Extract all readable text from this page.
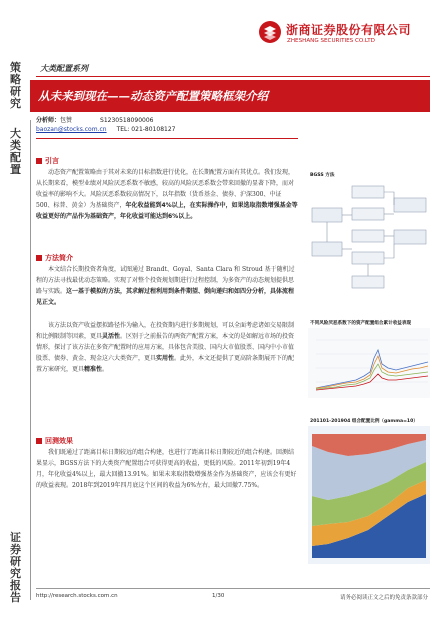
浙商证券股份有限公司
ZHESHANG SECURITIES CO.LTD
策略研究
大类配置系列
从未来到现在——动态资产配置策略框架介绍
分析师：包赞	S1230518090006
baozan@stocks.com.cn TEL: 021-80108127
大类配置
引言
动态资产配置策略由于其对未来的目标指数进行优化，在长期配置方面有其优点。我们发现，从长期来看，模型业绩对风险厌恶系数不敏感，较高的风险厌恶系数会带来回撤的显著下降，而对收益率的影响不大。风险厌恶系数较高情况下，以年指数（货币基金、债券、沪深300、中证500、标普、黄金）为基础资产，年化收益能到4%以上，在实际操作中，如果选取指数增强基金等收益更好的产品作为基础资产，年化收益可能达到6%以上。
方法简介
本文结合长期投资者角度，试图通过 Brandt、Goyal、Santa Clara 和 Stroud 基于随机过程的方法寻找最优动态策略。实现了对整个投资规划期进行过程控制，为多资产的动态规划提供思路与实践。这一基于模拟的方法，其求解过程利用到条件期望、倒向递归和如四分分析，具体流程见正文。
该方法以资产收益摆拟路径作为输入，在投资期内进行多期规划，可以全面考虑诸如交易限制和比例限制等因素，更具灵活性。区别于之前报告的两资产配置方案，本文的是如解远市场的投资情形，探讨了该方法在多资产配置时的应用方案，具体包含美股、国内大市值股票、国内中小市值股票、债券、黄金、现金这六大类资产，更具实用性。此外，本文还提供了更高阶条期展开下的配置方案研究，更具精准性。
回测效果
我们既通过了距离目标日期较远的组合构建，也进行了距离目标日期较近的组合构建。回测结果显示，BGSS方法下的大类资产配置组合可获得更高的收益，更低的风险。2011年初到19年4月，年化收益4%以上，最大回撤13.91%。如果未来取指数增强基金作为基础资产，应该会有更好的收益表现。2018年到2019年四月底这个区间的收益为6%左右，最大回撤7.75%。
证券研究报告
BGSS 方法
不同风险厌恶系数下的资产配置组合累计收益表现
201101-201904 组合配置比例（gamma=10）
http://research.stocks.com.cn	1/30	请务必阅读正文之后的免责条款部分
